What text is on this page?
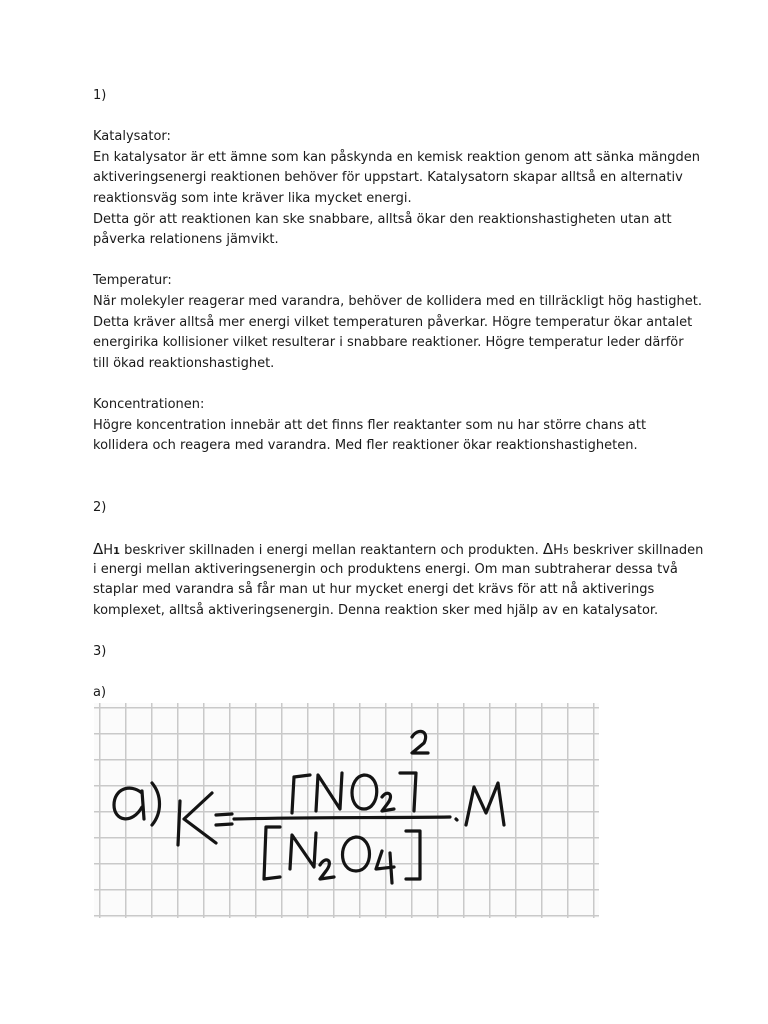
1)
Katalysator:
En katalysator är ett ämne som kan påskynda en kemisk reaktion genom att sänka mängden
aktiveringsenergi reaktionen behöver för uppstart. Katalysatorn skapar alltså en alternativ
reaktionsväg som inte kräver lika mycket energi.
Detta gör att reaktionen kan ske snabbare, alltså ökar den reaktionshastigheten utan att
påverka relationens jämvikt.
Temperatur:
När molekyler reagerar med varandra, behöver de kollidera med en tillräckligt hög hastighet.
Detta kräver alltså mer energi vilket temperaturen påverkar. Högre temperatur ökar antalet
energirika kollisioner vilket resulterar i snabbare reaktioner. Högre temperatur leder därför
till ökad reaktionshastighet.
Koncentrationen:
Högre koncentration innebär att det finns fler reaktanter som nu har större chans att
kollidera och reagera med varandra. Med fler reaktioner ökar reaktionshastigheten.
2)
ΔH1 beskriver skillnaden i energi mellan reaktantern och produkten. ΔH5 beskriver skillnaden
i energi mellan aktiveringsenergin och produktens energi. Om man subtraherar dessa två
staplar med varandra så får man ut hur mycket energi det krävs för att nå aktiverings
komplexet, alltså aktiveringsenergin. Denna reaktion sker med hjälp av en katalysator.
3)
a)
